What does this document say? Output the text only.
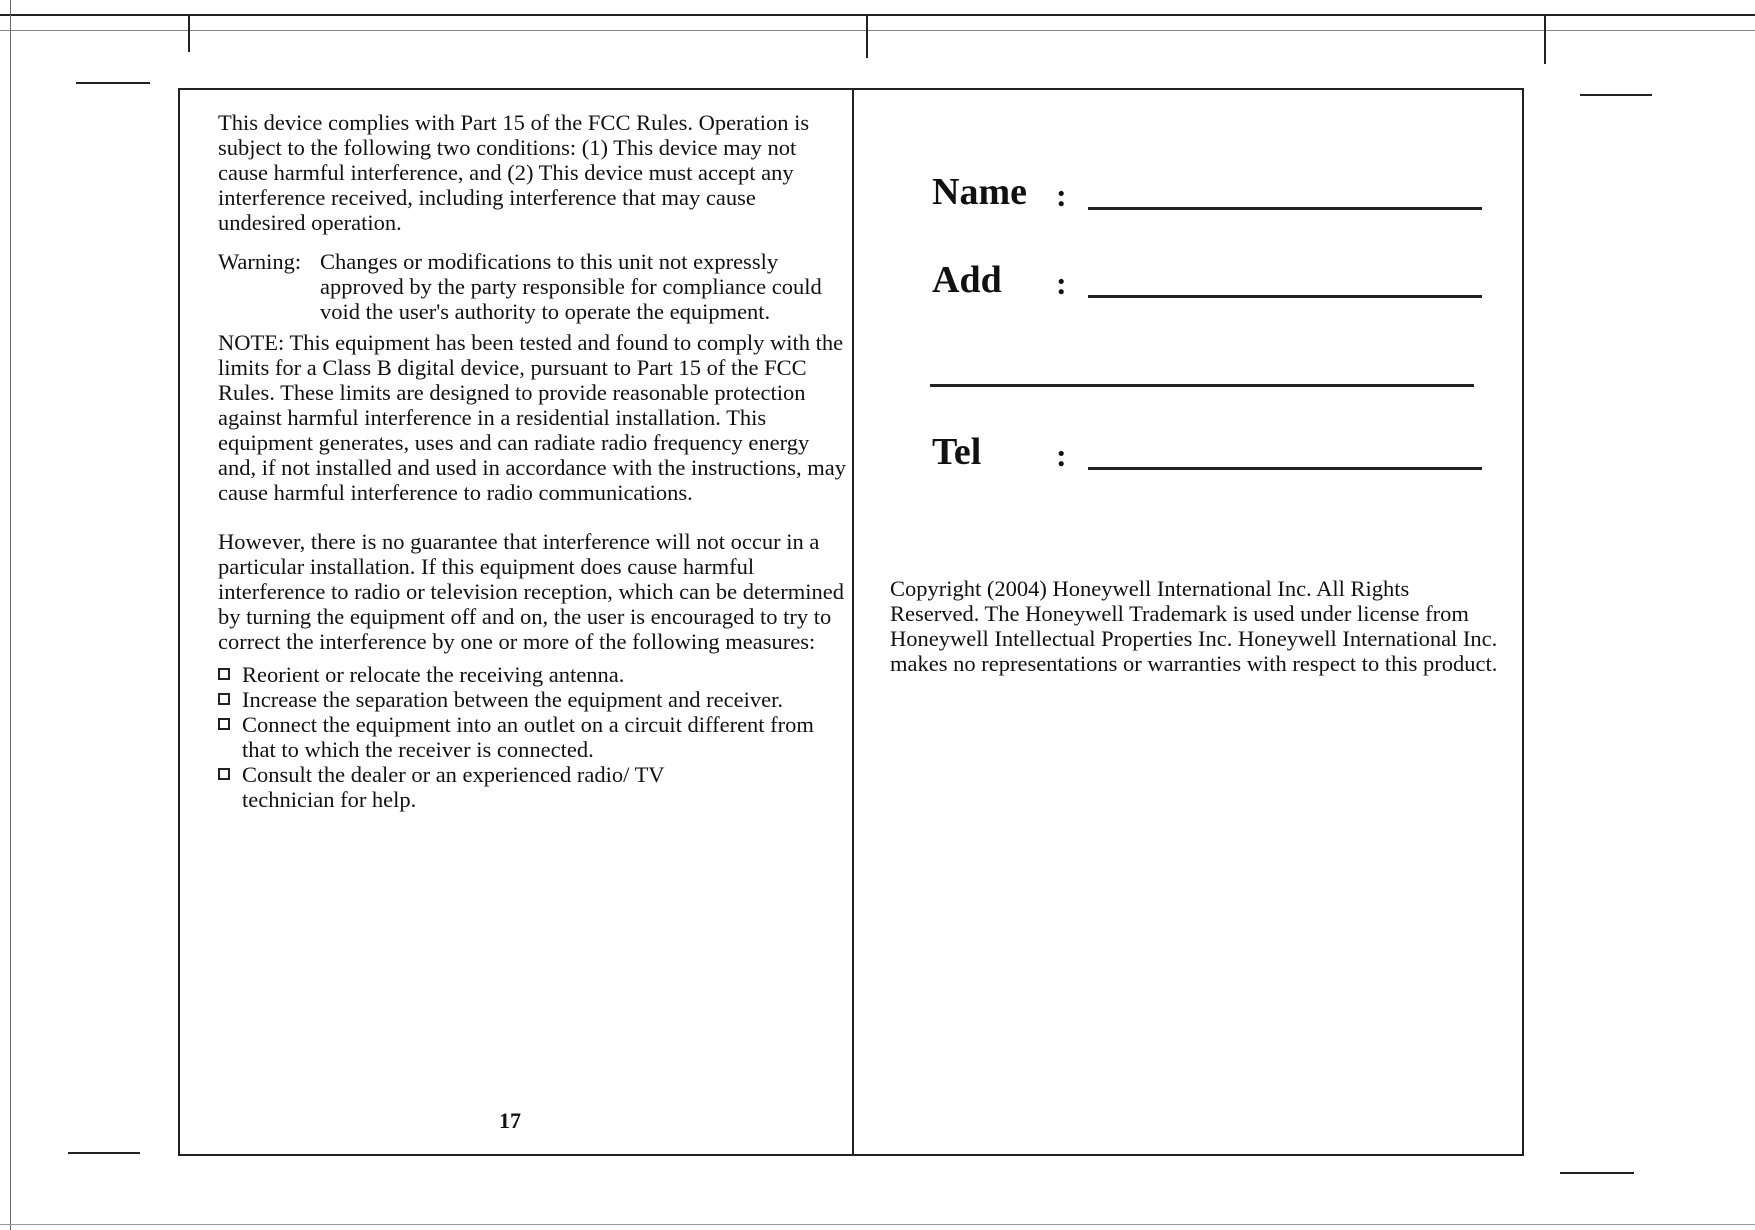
This device complies with Part 15 of the FCC Rules. Operation is subject to the following two conditions: (1) This device may not cause harmful interference, and (2) This device must accept any interference received, including interference that may cause undesired operation.

Warning: Changes or modifications to this unit not expressly approved by the party responsible for compliance could void the user's authority to operate the equipment.

NOTE: This equipment has been tested and found to comply with the limits for a Class B digital device, pursuant to Part 15 of the FCC Rules. These limits are designed to provide reasonable protection against harmful interference in a residential installation. This equipment generates, uses and can radiate radio frequency energy and, if not installed and used in accordance with the instructions, may cause harmful interference to radio communications.

However, there is no guarantee that interference will not occur in a particular installation. If this equipment does cause harmful interference to radio or television reception, which can be determined by turning the equipment off and on, the user is encouraged to try to correct the interference by one or more of the following measures:

Reorient or relocate the receiving antenna.
Increase the separation between the equipment and receiver.
Connect the equipment into an outlet on a circuit different from that to which the receiver is connected.
Consult the dealer or an experienced radio/ TV technician for help.
17
Name :
Add	:
Tel	:

Copyright (2004) Honeywell International Inc. All Rights Reserved. The Honeywell Trademark is used under license from Honeywell Intellectual Properties Inc. Honeywell International Inc. makes no representations or warranties with respect to this product.
